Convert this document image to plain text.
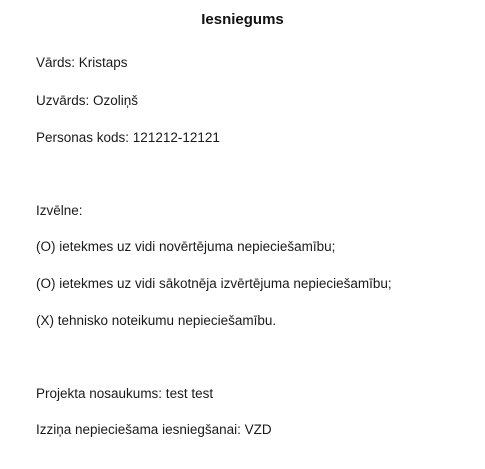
Iesniegums
Vārds: Kristaps
Uzvārds: Ozoliņš
Personas kods: 121212-12121
Izvēlne:
(O) ietekmes uz vidi novērtējuma nepieciešamību;
(O) ietekmes uz vidi sākotnēja izvērtējuma nepieciešamību;
(X) tehnisko noteikumu nepieciešamību.
Projekta nosaukums: test test
Izziņa nepieciešama iesniegšanai: VZD
